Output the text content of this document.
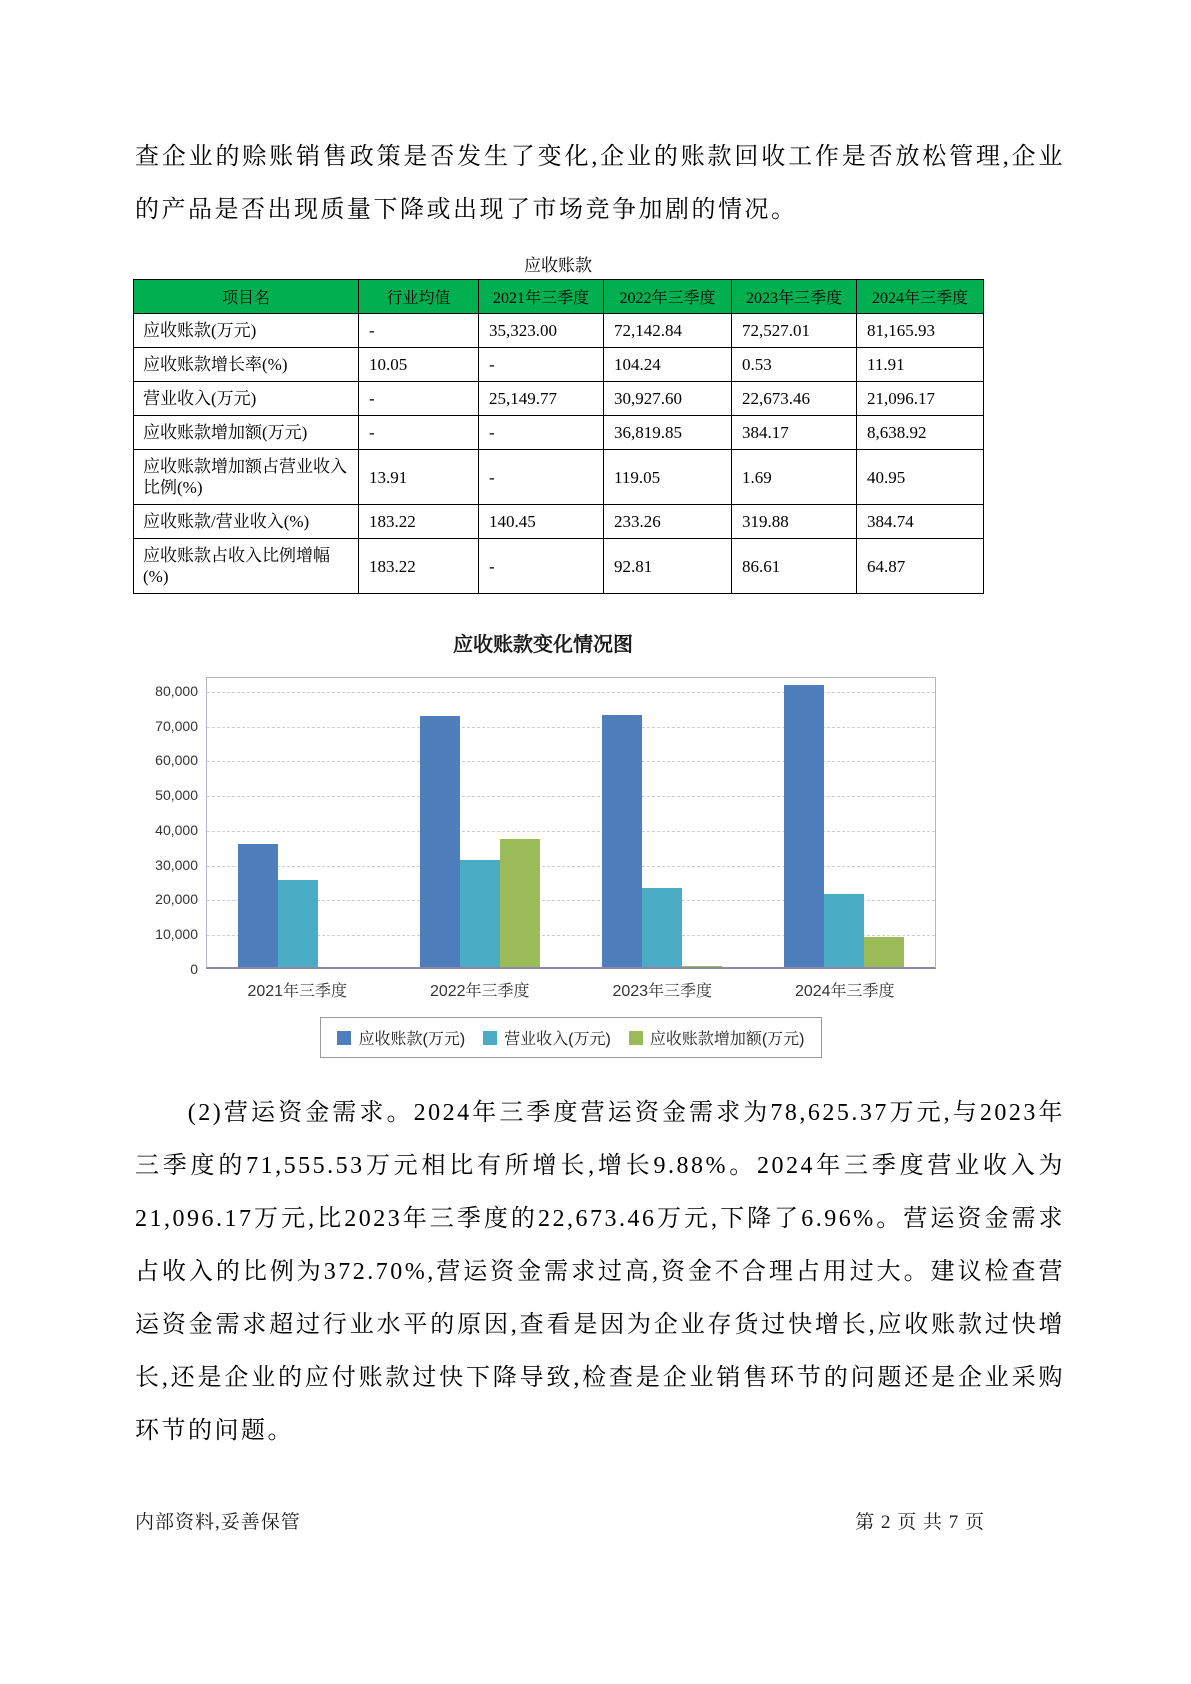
查企业的赊账销售政策是否发生了变化,企业的账款回收工作是否放松管理,企业的产品是否出现质量下降或出现了市场竞争加剧的情况。

应收账款
项目名	行业均值	2021年三季度	2022年三季度	2023年三季度	2024年三季度
应收账款(万元)	-	35,323.00	72,142.84	72,527.01	81,165.93
应收账款增长率(%)	10.05	-	104.24	0.53	11.91
营业收入(万元)	-	25,149.77	30,927.60	22,673.46	21,096.17
应收账款增加额(万元)	-	-	36,819.85	384.17	8,638.92
应收账款增加额占营业收入比例(%)	13.91	-	119.05	1.69	40.95
应收账款/营业收入(%)	183.22	140.45	233.26	319.88	384.74
应收账款占收入比例增幅(%)	183.22	-	92.81	86.61	64.87
应收账款变化情况图
0
10,000
20,000
30,000
40,000
50,000
60,000
70,000
80,000
2021年三季度	2022年三季度	2023年三季度	2024年三季度
应收账款(万元) 营业收入(万元) 应收账款增加额(万元)

(2)营运资金需求。2024年三季度营运资金需求为78,625.37万元,与2023年三季度的71,555.53万元相比有所增长,增长9.88%。2024年三季度营业收入为21,096.17万元,比2023年三季度的22,673.46万元,下降了6.96%。营运资金需求占收入的比例为372.70%,营运资金需求过高,资金不合理占用过大。建议检查营运资金需求超过行业水平的原因,查看是因为企业存货过快增长,应收账款过快增长,还是企业的应付账款过快下降导致,检查是企业销售环节的问题还是企业采购环节的问题。

内部资料,妥善保管	第 2 页 共 7 页
